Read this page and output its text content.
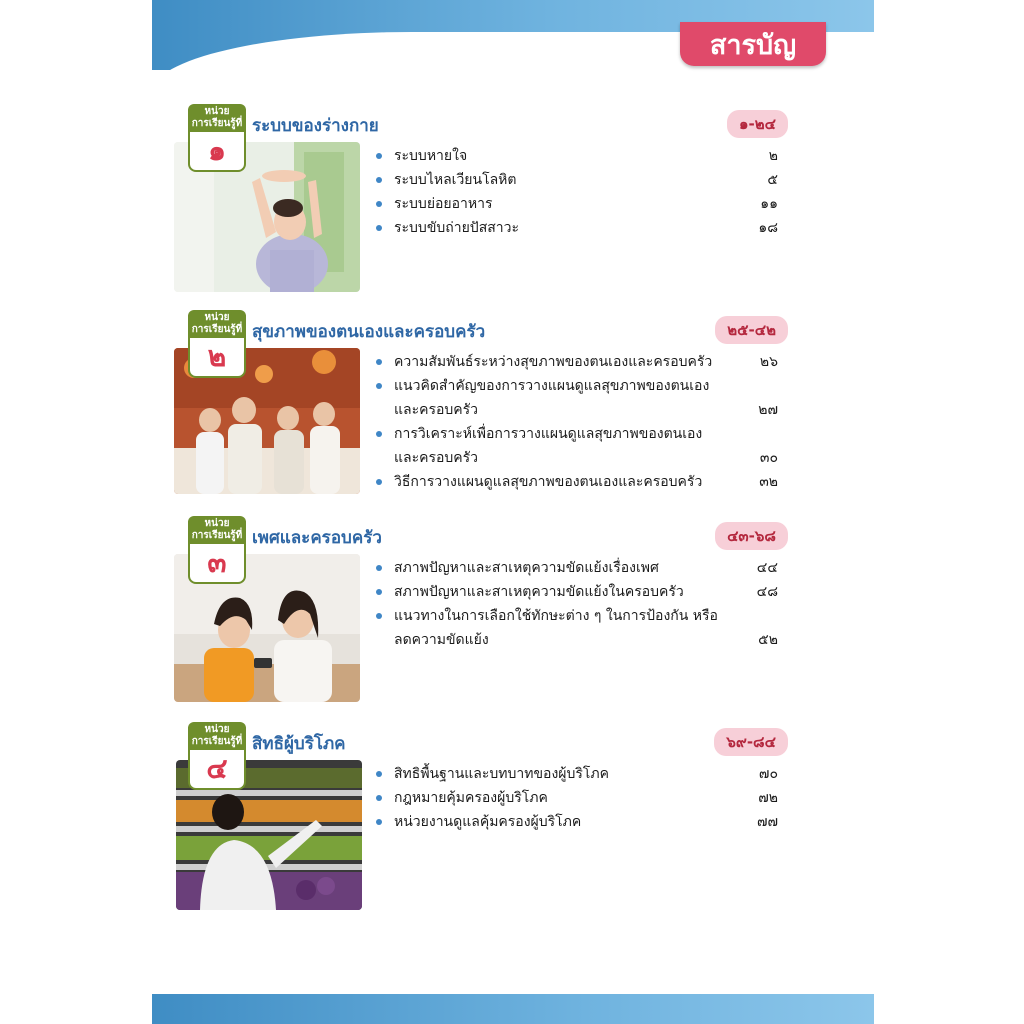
สารบัญ
หน่วย
การเรียนรู้ที่
๑
ระบบของร่างกาย	๑-๒๔
ระบบหายใจ	๒
ระบบไหลเวียนโลหิต	๕
ระบบย่อยอาหาร	๑๑
ระบบขับถ่ายปัสสาวะ	๑๘
หน่วย
การเรียนรู้ที่
๒
สุขภาพของตนเองและครอบครัว	๒๕-๔๒
ความสัมพันธ์ระหว่างสุขภาพของตนเองและครอบครัว	๒๖
แนวคิดสำคัญของการวางแผนดูแลสุขภาพของตนเอง และครอบครัว	๒๗
การวิเคราะห์เพื่อการวางแผนดูแลสุขภาพของตนเอง และครอบครัว	๓๐
วิธีการวางแผนดูแลสุขภาพของตนเองและครอบครัว	๓๒
หน่วย
การเรียนรู้ที่
๓
เพศและครอบครัว	๔๓-๖๘
สภาพปัญหาและสาเหตุความขัดแย้งเรื่องเพศ	๔๔
สภาพปัญหาและสาเหตุความขัดแย้งในครอบครัว	๔๘
แนวทางในการเลือกใช้ทักษะต่าง ๆ ในการป้องกัน หรือลดความขัดแย้ง	๕๒
หน่วย
การเรียนรู้ที่
๔
สิทธิผู้บริโภค	๖๙-๘๔
สิทธิพื้นฐานและบทบาทของผู้บริโภค	๗๐
กฎหมายคุ้มครองผู้บริโภค	๗๒
หน่วยงานดูแลคุ้มครองผู้บริโภค	๗๗
